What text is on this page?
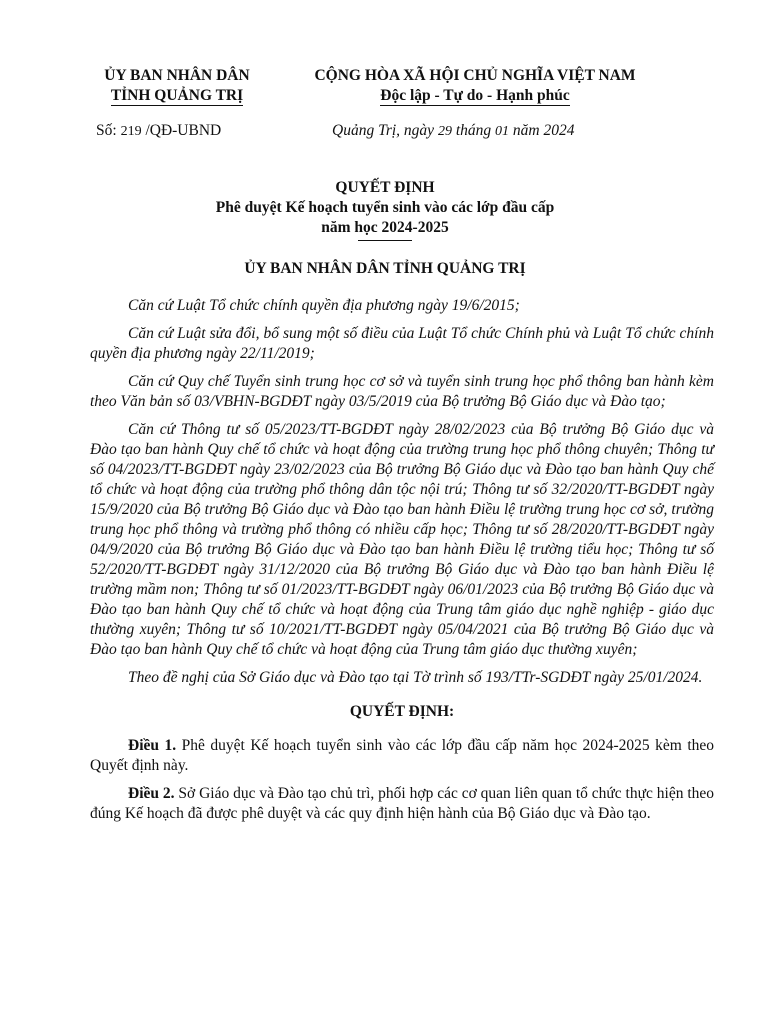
ỦY BAN NHÂN DÂN
TỈNH QUẢNG TRỊ
CỘNG HÒA XÃ HỘI CHỦ NGHĨA VIỆT NAM
Độc lập - Tự do - Hạnh phúc
Số: 219 /QĐ-UBND	Quảng Trị, ngày 29 tháng 01 năm 2024
QUYẾT ĐỊNH
Phê duyệt Kế hoạch tuyển sinh vào các lớp đầu cấp
năm học 2024-2025
ỦY BAN NHÂN DÂN TỈNH QUẢNG TRỊ

Căn cứ Luật Tổ chức chính quyền địa phương ngày 19/6/2015;

Căn cứ Luật sửa đổi, bổ sung một số điều của Luật Tổ chức Chính phủ và Luật Tổ chức chính quyền địa phương ngày 22/11/2019;

Căn cứ Quy chế Tuyển sinh trung học cơ sở và tuyển sinh trung học phổ thông ban hành kèm theo Văn bản số 03/VBHN-BGDĐT ngày 03/5/2019 của Bộ trưởng Bộ Giáo dục và Đào tạo;

Căn cứ Thông tư số 05/2023/TT-BGDĐT ngày 28/02/2023 của Bộ trưởng Bộ Giáo dục và Đào tạo ban hành Quy chế tổ chức và hoạt động của trường trung học phổ thông chuyên; Thông tư số 04/2023/TT-BGDĐT ngày 23/02/2023 của Bộ trưởng Bộ Giáo dục và Đào tạo ban hành Quy chế tổ chức và hoạt động của trường phổ thông dân tộc nội trú; Thông tư số 32/2020/TT-BGDĐT ngày 15/9/2020 của Bộ trưởng Bộ Giáo dục và Đào tạo ban hành Điều lệ trường trung học cơ sở, trường trung học phổ thông và trường phổ thông có nhiều cấp học; Thông tư số 28/2020/TT-BGDĐT ngày 04/9/2020 của Bộ trưởng Bộ Giáo dục và Đào tạo ban hành Điều lệ trường tiểu học; Thông tư số 52/2020/TT-BGDĐT ngày 31/12/2020 của Bộ trưởng Bộ Giáo dục và Đào tạo ban hành Điều lệ trường mầm non; Thông tư số 01/2023/TT-BGDĐT ngày 06/01/2023 của Bộ trưởng Bộ Giáo dục và Đào tạo ban hành Quy chế tổ chức và hoạt động của Trung tâm giáo dục nghề nghiệp - giáo dục thường xuyên; Thông tư số 10/2021/TT-BGDĐT ngày 05/04/2021 của Bộ trưởng Bộ Giáo dục và Đào tạo ban hành Quy chế tổ chức và hoạt động của Trung tâm giáo dục thường xuyên;

Theo đề nghị của Sở Giáo dục và Đào tạo tại Tờ trình số 193/TTr-SGDĐT ngày 25/01/2024.

QUYẾT ĐỊNH:

Điều 1. Phê duyệt Kế hoạch tuyển sinh vào các lớp đầu cấp năm học 2024-2025 kèm theo Quyết định này.

Điều 2. Sở Giáo dục và Đào tạo chủ trì, phối hợp các cơ quan liên quan tổ chức thực hiện theo đúng Kế hoạch đã được phê duyệt và các quy định hiện hành của Bộ Giáo dục và Đào tạo.
